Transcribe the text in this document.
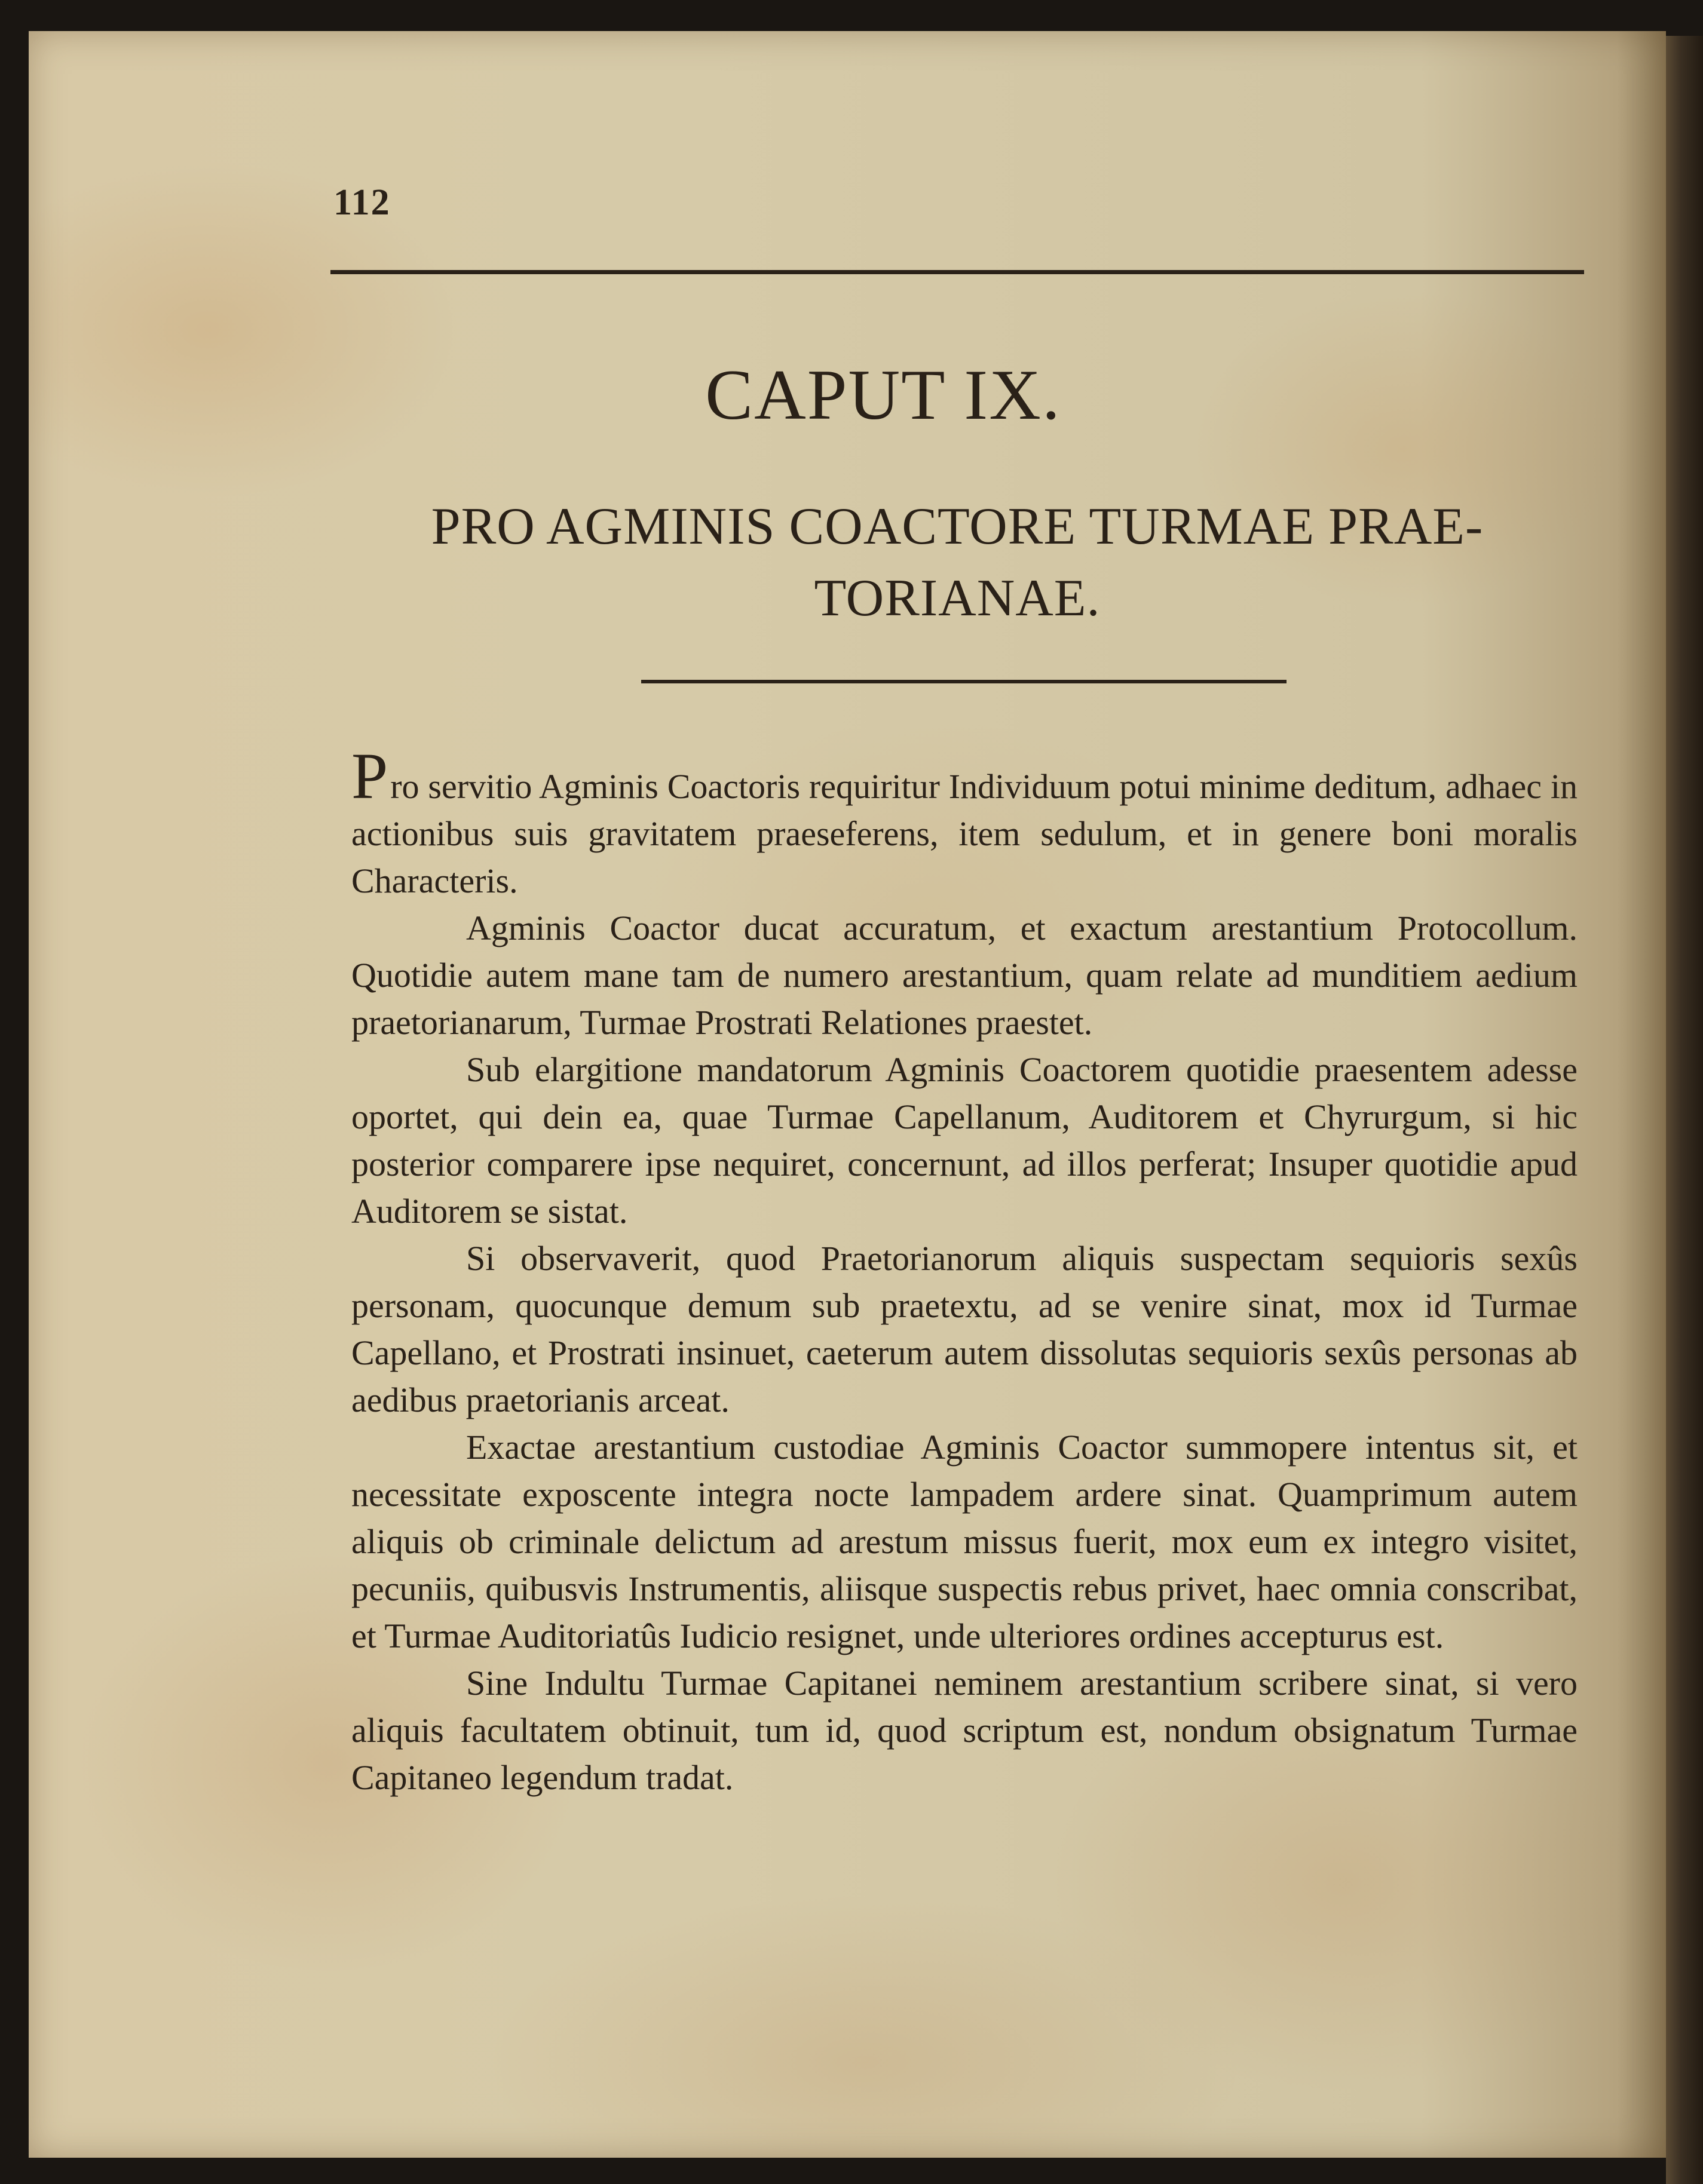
112
CAPUT IX.
PRO AGMINIS COACTORE TURMAE PRAE-TORIANAE.

Pro servitio Agminis Coactoris requiritur Individuum potui minime deditum, adhaec in actionibus suis gravitatem praeseferens, item sedulum, et in genere boni moralis Characteris.

Agminis Coactor ducat accuratum, et exactum arestantium Protocollum. Quotidie autem mane tam de numero arestantium, quam relate ad munditiem aedium praetorianarum, Turmae Prostrati Relationes praestet.

Sub elargitione mandatorum Agminis Coactorem quotidie praesentem adesse oportet, qui dein ea, quae Turmae Capellanum, Auditorem et Chyrurgum, si hic posterior comparere ipse nequiret, concernunt, ad illos perferat; Insuper quotidie apud Auditorem se sistat.

Si observaverit, quod Praetorianorum aliquis suspectam sequioris sexûs personam, quocunque demum sub praetextu, ad se venire sinat, mox id Turmae Capellano, et Prostrati insinuet, caeterum autem dissolutas sequioris sexûs personas ab aedibus praetorianis arceat.

Exactae arestantium custodiae Agminis Coactor summopere intentus sit, et necessitate exposcente integra nocte lampadem ardere sinat. Quamprimum autem aliquis ob criminale delictum ad arestum missus fuerit, mox eum ex integro visitet, pecuniis, quibusvis Instrumentis, aliisque suspectis rebus privet, haec omnia conscribat, et Turmae Auditoriatûs Iudicio resignet, unde ulteriores ordines accepturus est.

Sine Indultu Turmae Capitanei neminem arestantium scribere sinat, si vero aliquis facultatem obtinuit, tum id, quod scriptum est, nondum obsignatum Turmae Capitaneo legendum tradat.
